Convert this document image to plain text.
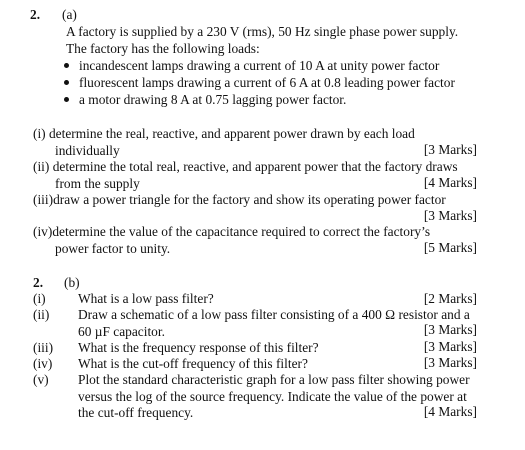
2. (a)
A factory is supplied by a 230 V (rms), 50 Hz single phase power supply.
The factory has the following loads:
incandescent lamps drawing a current of 10 A at unity power factor
fluorescent lamps drawing a current of 6 A at 0.8 leading power factor
a motor drawing 8 A at 0.75 lagging power factor.
(i) determine the real, reactive, and apparent power drawn by each load
individually	[3 Marks]
(ii) determine the total real, reactive, and apparent power that the factory draws
from the supply	[4 Marks]
(iii)draw a power triangle for the factory and show its operating power factor
[3 Marks]
(iv)determine the value of the capacitance required to correct the factory’s
power factor to unity.	[5 Marks]
2. (b)
(i) What is a low pass filter?	[2 Marks]
(ii) Draw a schematic of a low pass filter consisting of a 400 Ω resistor and a
60 µF capacitor.	[3 Marks]
(iii) What is the frequency response of this filter?	[3 Marks]
(iv) What is the cut-off frequency of this filter?	[3 Marks]
(v) Plot the standard characteristic graph for a low pass filter showing power
versus the log of the source frequency. Indicate the value of the power at
the cut-off frequency.	[4 Marks]
